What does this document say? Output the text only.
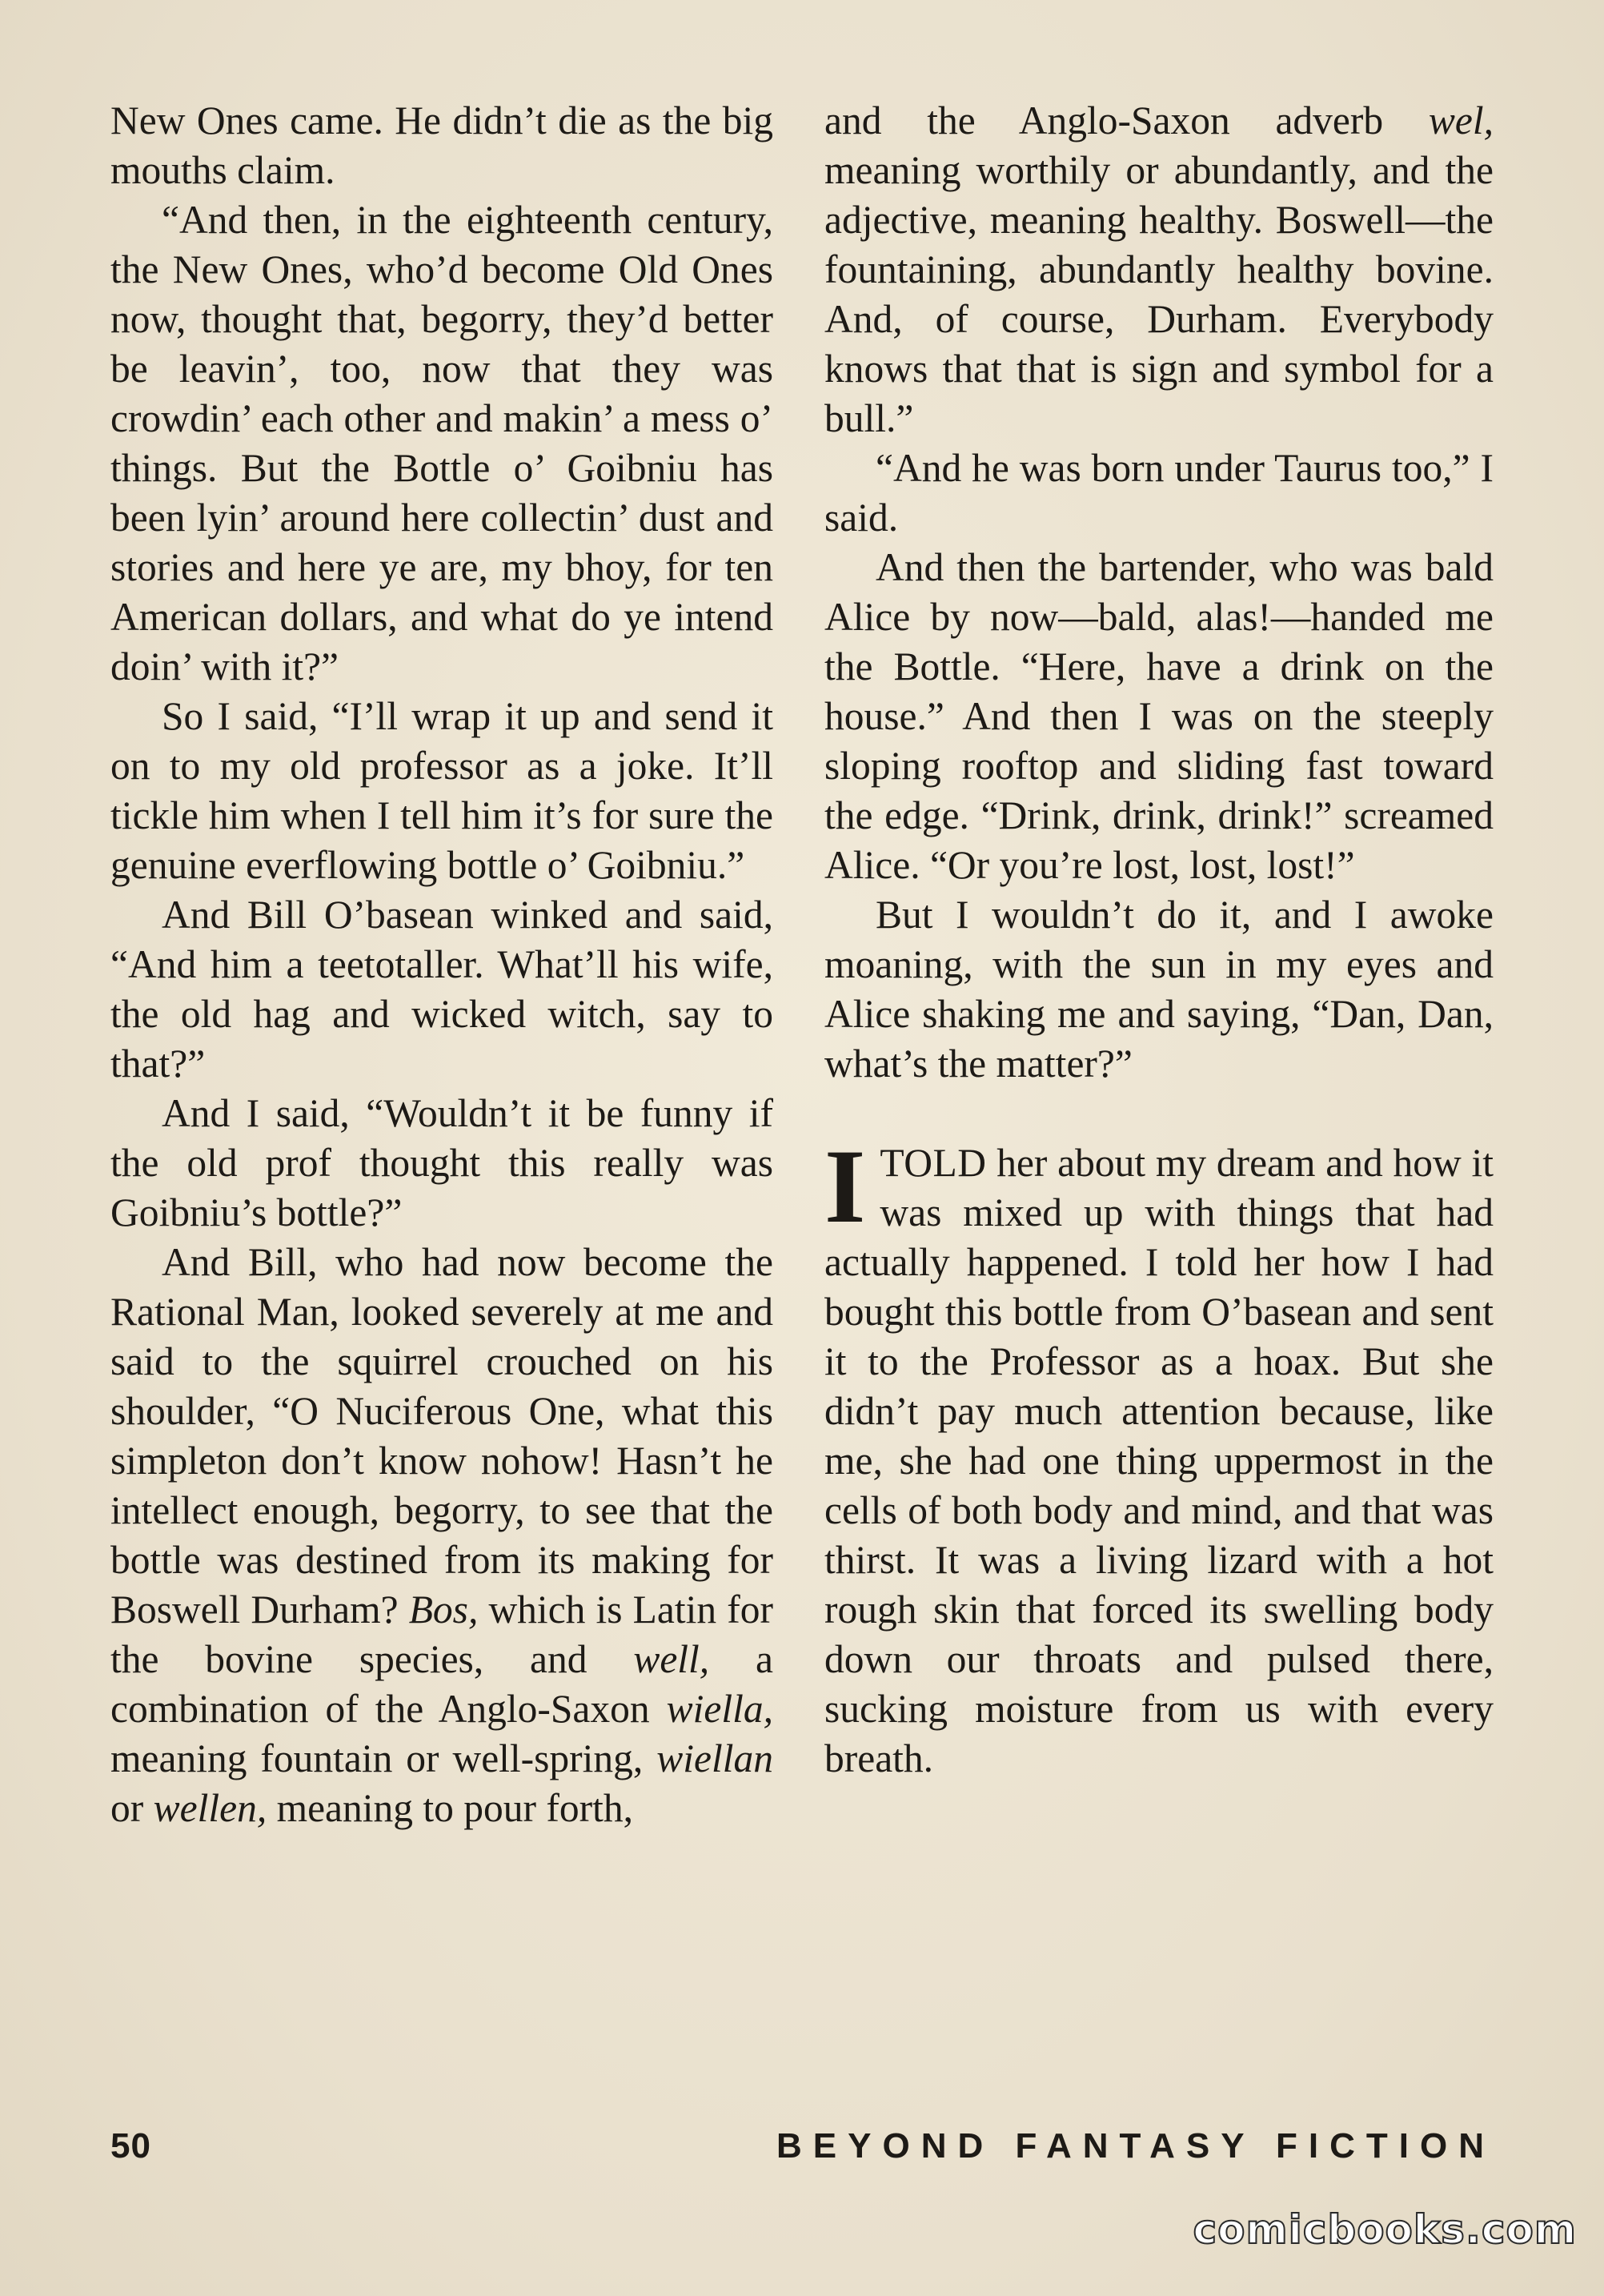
New Ones came. He didn’t die as the big mouths claim.

“And then, in the eighteenth century, the New Ones, who’d become Old Ones now, thought that, begorry, they’d better be leavin’, too, now that they was crowdin’ each other and makin’ a mess o’ things. But the Bottle o’ Goibniu has been lyin’ around here collectin’ dust and stories and here ye are, my bhoy, for ten American dollars, and what do ye intend doin’ with it?”

So I said, “I’ll wrap it up and send it on to my old professor as a joke. It’ll tickle him when I tell him it’s for sure the genuine everflowing bottle o’ Goibniu.”

And Bill O’basean winked and said, “And him a teetotaller. What’ll his wife, the old hag and wicked witch, say to that?”

And I said, “Wouldn’t it be funny if the old prof thought this really was Goibniu’s bottle?”

And Bill, who had now become the Rational Man, looked severely at me and said to the squirrel crouched on his shoulder, “O Nuciferous One, what this simpleton don’t know nohow! Hasn’t he intellect enough, begorry, to see that the bottle was destined from its making for Boswell Durham? Bos, which is Latin for the bovine species, and well, a combination of the Anglo-Saxon wiella, meaning fountain or well-spring, wiellan or wellen, meaning to pour forth,

and the Anglo-Saxon adverb wel, meaning worthily or abundantly, and the adjective, meaning healthy. Boswell—the fountaining, abundantly healthy bovine. And, of course, Durham. Everybody knows that that is sign and symbol for a bull.”

“And he was born under Taurus too,” I said.

And then the bartender, who was bald Alice by now—bald, alas!—handed me the Bottle. “Here, have a drink on the house.” And then I was on the steeply sloping rooftop and sliding fast toward the edge. “Drink, drink, drink!” screamed Alice. “Or you’re lost, lost, lost!”

But I wouldn’t do it, and I awoke moaning, with the sun in my eyes and Alice shaking me and saying, “Dan, Dan, what’s the matter?”

ITOLD her about my dream and how it was mixed up with things that had actually happened. I told her how I had bought this bottle from O’basean and sent it to the Professor as a hoax. But she didn’t pay much attention because, like me, she had one thing uppermost in the cells of both body and mind, and that was thirst. It was a living lizard with a hot rough skin that forced its swelling body down our throats and pulsed there, sucking moisture from us with every breath.

50	BEYOND FANTASY FICTION
comicbooks.com
